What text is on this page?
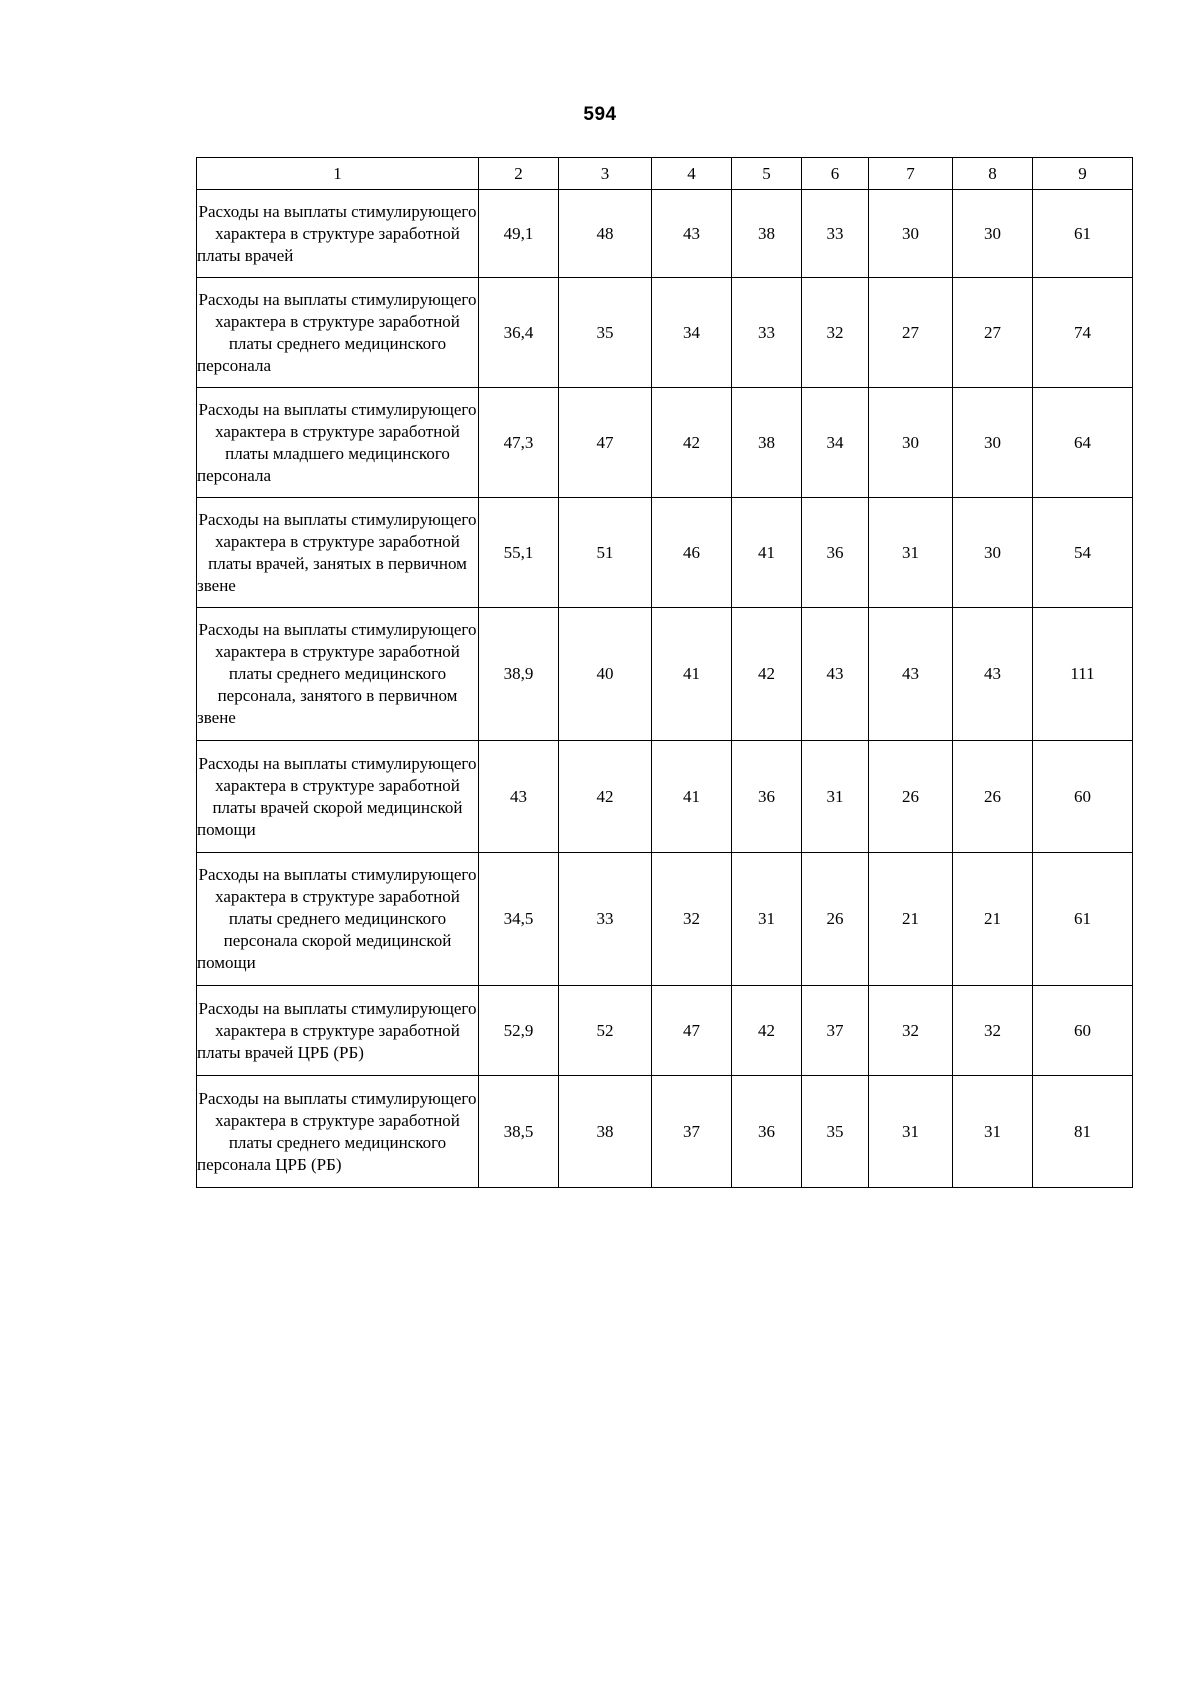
594
1	2	3	4	5	6	7	8	9
Расходы на выплаты стимулирующего характера в структуре заработной платы врачей	49,1	48	43	38	33	30	30	61
Расходы на выплаты стимулирующего характера в структуре заработной платы среднего медицинского персонала	36,4	35	34	33	32	27	27	74
Расходы на выплаты стимулирующего характера в структуре заработной платы младшего медицинского персонала	47,3	47	42	38	34	30	30	64
Расходы на выплаты стимулирующего характера в структуре заработной платы врачей, занятых в первичном звене	55,1	51	46	41	36	31	30	54
Расходы на выплаты стимулирующего характера в структуре заработной платы среднего медицинского персонала, занятого в первичном звене	38,9	40	41	42	43	43	43	111
Расходы на выплаты стимулирующего характера в структуре заработной платы врачей скорой медицинской помощи	43	42	41	36	31	26	26	60
Расходы на выплаты стимулирующего характера в структуре заработной платы среднего медицинского персонала скорой медицинской помощи	34,5	33	32	31	26	21	21	61
Расходы на выплаты стимулирующего характера в структуре заработной платы врачей ЦРБ (РБ)	52,9	52	47	42	37	32	32	60
Расходы на выплаты стимулирующего характера в структуре заработной платы среднего медицинского персонала ЦРБ (РБ)	38,5	38	37	36	35	31	31	81
